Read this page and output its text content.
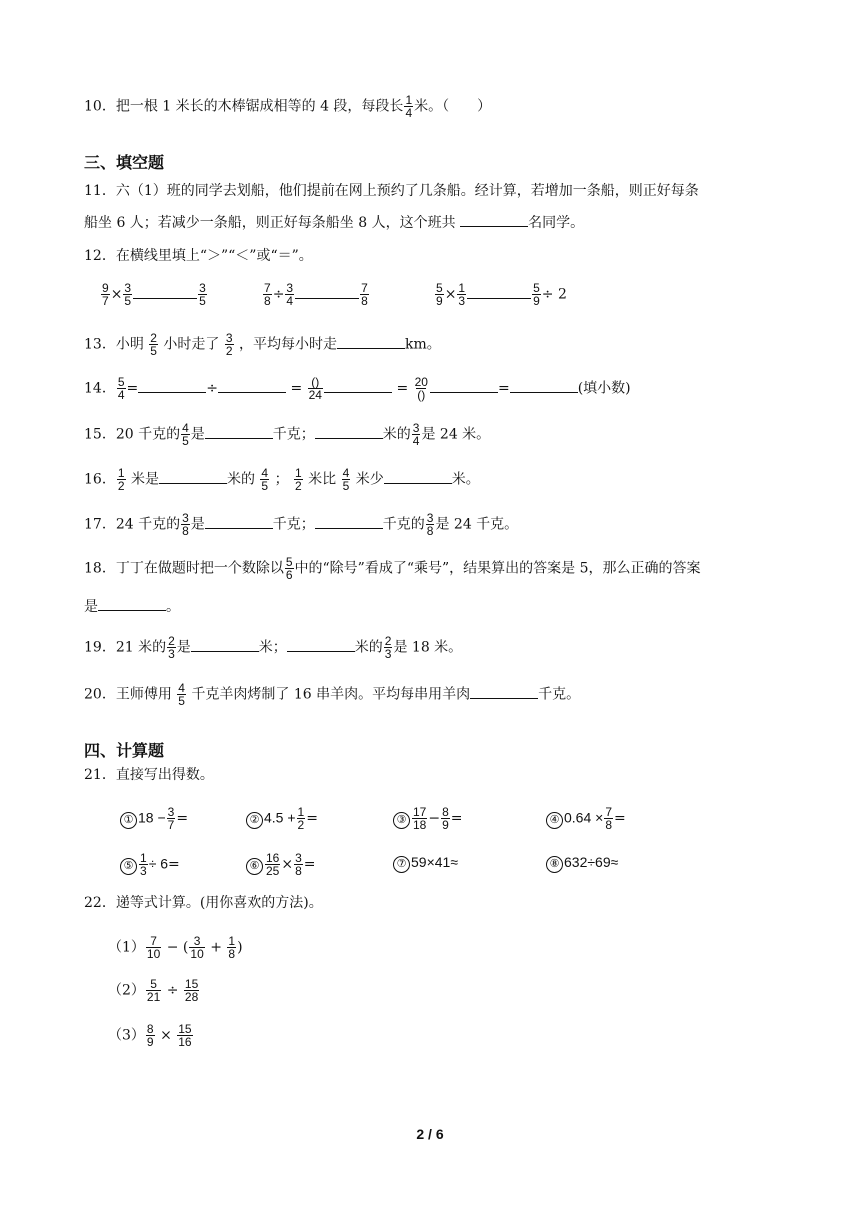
10．把一根 1 米长的木棒锯成相等的 4 段，每段长 $\frac{1}{4}$ 米。（　　）
三、填空题
11．六（1）班的同学去划船，他们提前在网上预约了几条船。经计算，若增加一条船，则正好每条
船坐 6 人；若减少一条船，则正好每条船坐 8 人，这个班共	名同学。
12．在横线里填上“＞”“＜”或“＝”。
$\frac{9}{7} \times \frac{3}{5}$	$\frac{3}{5}$	$\frac{7}{8} \div \frac{3}{4}$	$\frac{7}{8}$	$\frac{5}{9} \times \frac{1}{3}$	$\frac{5}{9} \div 2$
13．小明 $\frac{2}{5}$ 小时走了 $\frac{3}{2}$ ，平均每小时走	km。
14． $\frac{5}{4}$ =	÷	= $\frac{()}{24}$	= $\frac{20}{()}$	=	(填小数)
15．20 千克的 $\frac{4}{5}$ 是	千克；	米的 $\frac{3}{4}$ 是 24 米。
16． $\frac{1}{2}$ 米是	米的 $\frac{4}{5}$ ； $\frac{1}{2}$ 米比 $\frac{4}{5}$ 米少	米。
17．24 千克的 $\frac{3}{8}$ 是	千克；	千克的 $\frac{3}{8}$ 是 24 千克。
18．丁丁在做题时把一个数除以 $\frac{5}{6}$ 中的“除号”看成了“乘号”，结果算出的答案是 5，那么正确的答案
是	。
19．21 米的 $\frac{2}{3}$ 是	米；	米的 $\frac{2}{3}$ 是 18 米。
20．王师傅用 $\frac{4}{5}$ 千克羊肉烤制了 16 串羊肉。平均每串用羊肉	千克。
四、计算题
21．直接写出得数。
① $18 - \frac{3}{7}$ =	② $4.5 + \frac{1}{2}$ =	③ $\frac{17}{18} - \frac{8}{9}$ =	④ $0.64 \times \frac{7}{8}$ =
⑤ $\frac{1}{3} \div 6=$	⑥ $\frac{16}{25} \times \frac{3}{8}$ =	⑦ 59×41≈	⑧ 632÷69≈
22．递等式计算。(用你喜欢的方法)。
$(1) \frac{7}{10}$ − ( $\frac{3}{10} + \frac{1}{8}$ )
$(2) \frac{5}{21} \div \frac{15}{28}$
$(3) \frac{8}{9} \times \frac{15}{16}$
2 / 6
